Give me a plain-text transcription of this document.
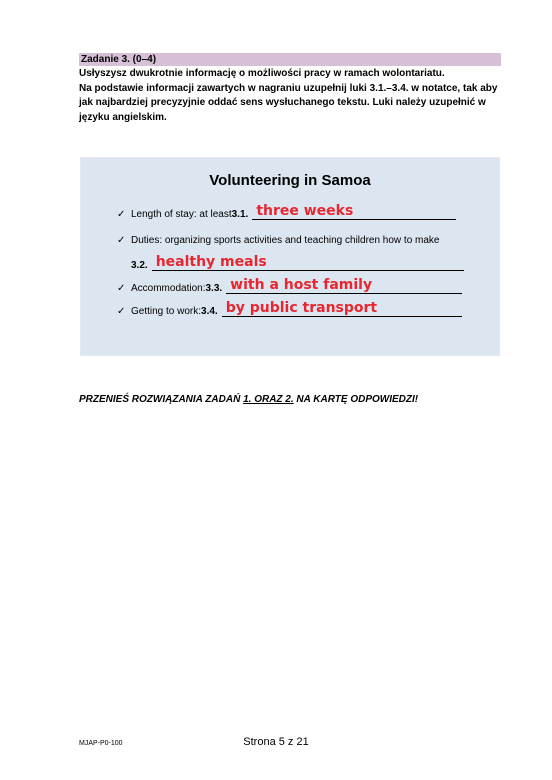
Zadanie 3. (0–4)

Usłyszysz dwukrotnie informację o możliwości pracy w ramach wolontariatu.

Na podstawie informacji zawartych w nagraniu uzupełnij luki 3.1.–3.4. w notatce, tak aby jak najbardziej precyzyjnie oddać sens wysłuchanego tekstu. Luki należy uzupełnić w języku angielskim.

Volunteering in Samoa
✓ Length of stay: at least 3.1. three weeks
✓ Duties: organizing sports activities and teaching children how to make
3.2. healthy meals
✓ Accommodation: 3.3. with a host family
✓ Getting to work: 3.4. by public transport
PRZENIEŚ ROZWIĄZANIA ZADAŃ 1. ORAZ 2. NA KARTĘ ODPOWIEDZI!
MJAP-P0-100	Strona 5 z 21
